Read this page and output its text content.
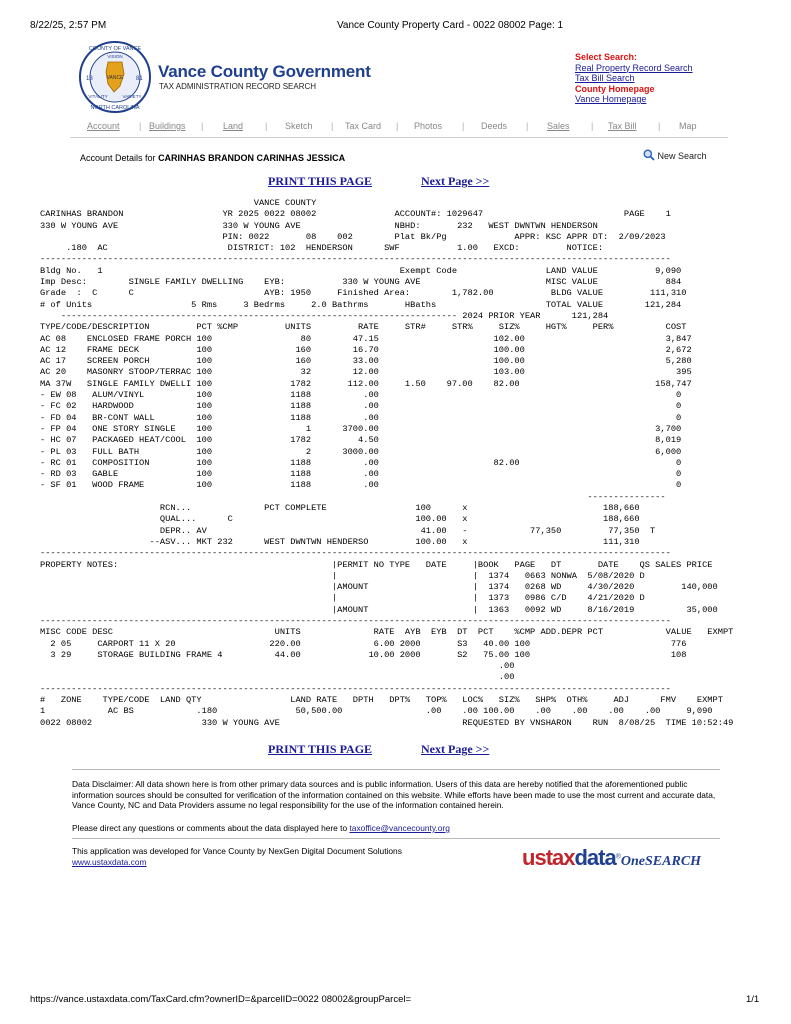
8/22/25, 2:57 PM	Vance County Property Card - 0022 08002 Page: 1
VANCE
18	81
COUNTY OF VANCE
NORTH CAROLINA
VISION
VITALITY	VARIETY
Vance County Government
TAX ADMINISTRATION RECORD SEARCH
Select Search:
Real Property Record Search
Tax Bill Search
County Homepage
Vance Homepage
Account | Buildings | Land | Sketch | Tax Card | Photos | Deeds | Sales | Tax Bill | Map
Account Details for CARINHAS BRANDON CARINHAS JESSICA	New Search
PRINT THIS PAGE	Next Page >>
VANCE COUNTY
CARINHAS BRANDON                   YR 2025 0022 08002               ACCOUNT#: 1029647                           PAGE    1
330 W YOUNG AVE                    330 W YOUNG AVE                  NBHD:       232   WEST DWNTWN HENDERSON
PIN: 0022       08    002        Plat Bk/Pg             APPR: KSC APPR DT:  2/09/2023
.180  AC                       DISTRICT: 102  HENDERSON      SWF           1.00   EXCD:         NOTICE:
-------------------------------------------------------------------------------------------------------------------------
Bldg No.   1                                                         Exempt Code                 LAND VALUE           9,090
Imp Desc:        SINGLE FAMILY DWELLING    EYB:           330 W YOUNG AVE                        MISC VALUE             884
Grade  :  C      C                         AYB: 1950     Finished Area:        1,782.00           BLDG VALUE         111,310
# of Units                   5 Rms     3 Bedrms     2.0 Bathrms       HBaths                     TOTAL VALUE        121,284
---------------------------------------------------------------------------- 2024 PRIOR YEAR      121,284
TYPE/CODE/DESCRIPTION         PCT %CMP         UNITS         RATE     STR#     STR%     SIZ%     HGT%     PER%          COST
AC 08    ENCLOSED FRAME PORCH 100                 80        47.15                      102.00                           3,847
AC 12    FRAME DECK           100                160        16.70                      100.00                           2,672
AC 17    SCREEN PORCH         100                160        33.00                      100.00                           5,280
AC 20    MASONRY STOOP/TERRAC 100                 32        12.00                      103.00                             395
MA 37W   SINGLE FAMILY DWELLI 100               1782       112.00     1.50    97.00    82.00                          158,747
- EW 08   ALUM/VINYL          100               1188          .00                                                         0
- FC 02   HARDWOOD            100               1188          .00                                                         0
- FD 04   BR-CONT WALL        100               1188          .00                                                         0
- FP 04   ONE STORY SINGLE    100                  1      3700.00                                                     3,700
- HC 07   PACKAGED HEAT/COOL  100               1782         4.50                                                     8,019
- PL 03   FULL BATH           100                  2      3000.00                                                     6,000
- RC 01   COMPOSITION         100               1188          .00                      82.00                              0
- RD 03   GABLE               100               1188          .00                                                         0
- SF 01   WOOD FRAME          100               1188          .00                                                         0
---------------
RCN...              PCT COMPLETE                 100      x                          188,660
QUAL...      C                                   100.00   x                          188,660
DEPR.. AV                                         41.00   -            77,350         77,350  T
--ASV... MKT 232      WEST DWNTWN HENDERSO         100.00   x                          111,310
-------------------------------------------------------------------------------------------------------------------------
PROPERTY NOTES:                                         |PERMIT NO TYPE   DATE     |BOOK   PAGE   DT       DATE    QS SALES PRICE
|                          |  1374   0663 NONWA  5/08/2020 D
|AMOUNT                    |  1374   0268 WD     4/30/2020         140,000
|                          |  1373   0986 C/D    4/21/2020 D
|AMOUNT                    |  1363   0092 WD     8/16/2019          35,000
-------------------------------------------------------------------------------------------------------------------------
MISC CODE DESC                               UNITS              RATE  AYB  EYB  DT  PCT    %CMP ADD.DEPR PCT            VALUE   EXMPT
2 05     CARPORT 11 X 20                  220.00              6.00 2000       S3   40.00 100                           776
3 29     STORAGE BUILDING FRAME 4          44.00             10.00 2000       S2   75.00 100                           108
.00
.00
-------------------------------------------------------------------------------------------------------------------------
#   ZONE    TYPE/CODE  LAND QTY                 LAND RATE   DPTH   DPT%   TOP%   LOC%   SIZ%   SHP%  OTH%     ADJ      FMV    EXMPT
1            AC BS            .180               50,500.00                .00    .00 100.00    .00    .00    .00    .00     9,090
0022 08002                     330 W YOUNG AVE                                   REQUESTED BY VNSHARON    RUN  8/08/25  TIME 10:52:49
PRINT THIS PAGE	Next Page >>
Data Disclaimer: All data shown here is from other primary data sources and is public information. Users of this data are hereby notified that the aforementioned public information sources should be consulted for verification of the information contained on this website. While efforts have been made to use the most current and accurate data, Vance County, NC and Data Providers assume no legal responsibility for the use of the information contained herein.
Please direct any questions or comments about the data displayed here to taxoffice@vancecounty.org
This application was developed for Vance County by NexGen Digital Document Solutions
www.ustaxdata.com	ustaxdata®OneSEARCH
https://vance.ustaxdata.com/TaxCard.cfm?ownerID=&parcelID=0022 08002&groupParcel=	1/1
